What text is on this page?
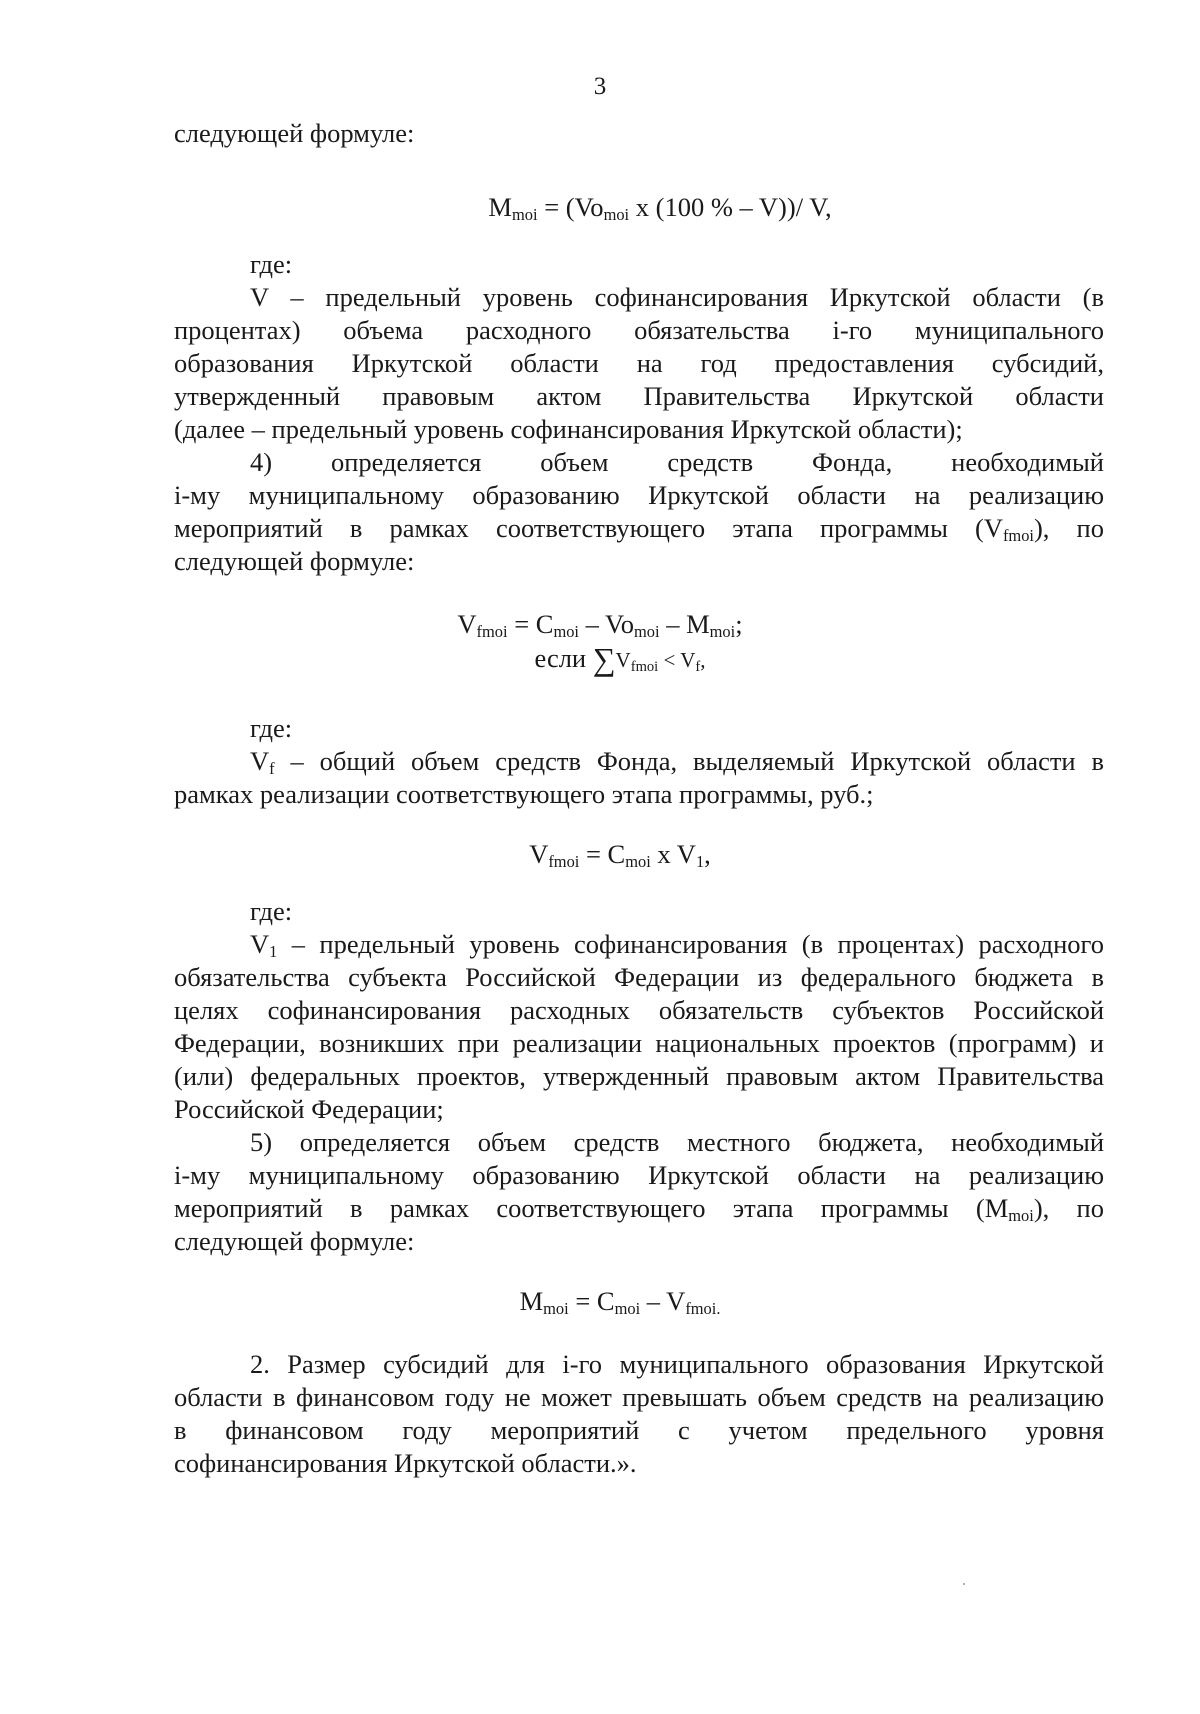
3
следующей формуле:
$M_{moi} = (Vo_{moi}$ x (100 % – V))/ V,
где:
V – предельный уровень софинансирования Иркутской области (в
процентах) объема расходного обязательства i-го муниципального
образования Иркутской области на год предоставления субсидий,
утвержденный правовым актом Правительства Иркутской области
(далее – предельный уровень софинансирования Иркутской области);
4) определяется объем средств Фонда, необходимый
i-му муниципальному образованию Иркутской области на реализацию
мероприятий в рамках соответствующего этапа программы $(V_{fmoi})$, по
следующей формуле:
$V_{fmoi} = C_{moi} - Vo_{moi} - M_{moi}$;
если ∑Vfmoi < Vf,
где:
$V_f$ – общий объем средств Фонда, выделяемый Иркутской области в
рамках реализации соответствующего этапа программы, руб.;
$V_{fmoi} = C_{moi}$ x $V_1$,
где:
$V_1$ – предельный уровень софинансирования (в процентах) расходного
обязательства субъекта Российской Федерации из федерального бюджета в
целях софинансирования расходных обязательств субъектов Российской
Федерации, возникших при реализации национальных проектов (программ) и
(или) федеральных проектов, утвержденный правовым актом Правительства
Российской Федерации;
5) определяется объем средств местного бюджета, необходимый
i-му муниципальному образованию Иркутской области на реализацию
мероприятий в рамках соответствующего этапа программы $(M_{moi})$, по
следующей формуле:
$M_{moi} = C_{moi} - V_{fmoi.}$
2. Размер субсидий для i-го муниципального образования Иркутской
области в финансовом году не может превышать объем средств на реализацию
в финансовом году мероприятий с учетом предельного уровня
софинансирования Иркутской области.».
